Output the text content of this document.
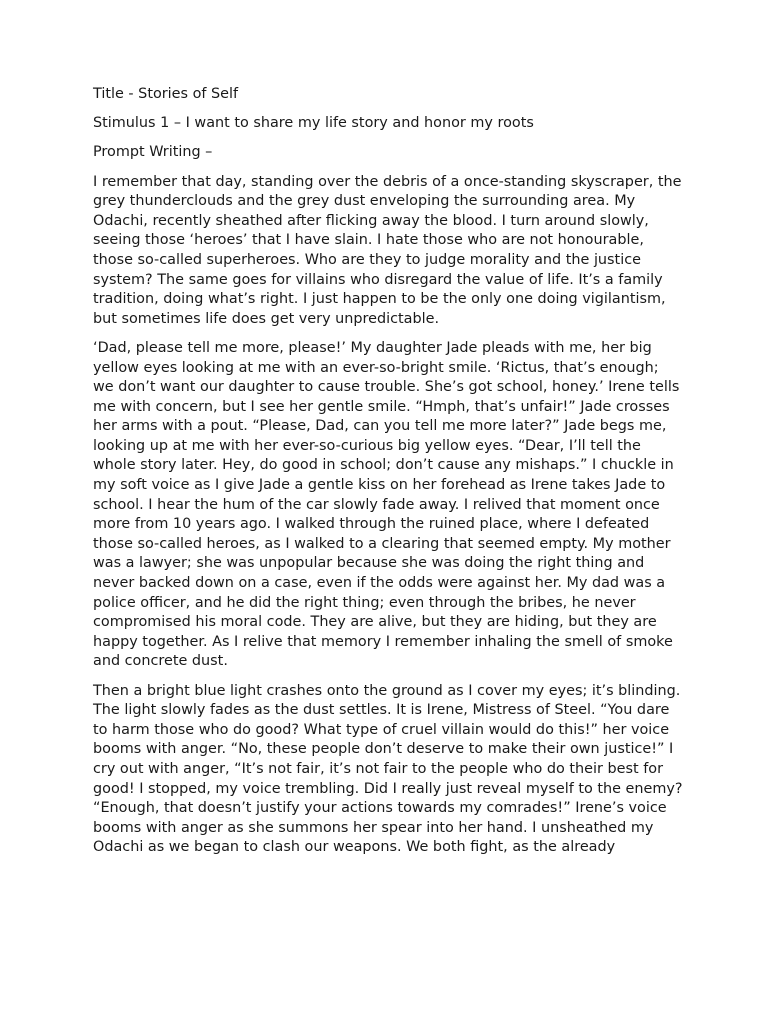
Title - Stories of Self

Stimulus 1 – I want to share my life story and honor my roots

Prompt Writing –

I remember that day, standing over the debris of a once-standing skyscraper, the grey thunderclouds and the grey dust enveloping the surrounding area. My Odachi, recently sheathed after flicking away the blood. I turn around slowly, seeing those ‘heroes’ that I have slain. I hate those who are not honourable, those so-called superheroes. Who are they to judge morality and the justice system? The same goes for villains who disregard the value of life. It’s a family tradition, doing what’s right. I just happen to be the only one doing vigilantism, but sometimes life does get very unpredictable.

‘Dad, please tell me more, please!’ My daughter Jade pleads with me, her big yellow eyes looking at me with an ever-so-bright smile. ‘Rictus, that’s enough; we don’t want our daughter to cause trouble. She’s got school, honey.’ Irene tells me with concern, but I see her gentle smile. “Hmph, that’s unfair!” Jade crosses her arms with a pout. “Please, Dad, can you tell me more later?” Jade begs me, looking up at me with her ever-so-curious big yellow eyes. “Dear, I’ll tell the whole story later. Hey, do good in school; don’t cause any mishaps.” I chuckle in my soft voice as I give Jade a gentle kiss on her forehead as Irene takes Jade to school. I hear the hum of the car slowly fade away. I relived that moment once more from 10 years ago. I walked through the ruined place, where I defeated those so-called heroes, as I walked to a clearing that seemed empty. My mother was a lawyer; she was unpopular because she was doing the right thing and never backed down on a case, even if the odds were against her. My dad was a police officer, and he did the right thing; even through the bribes, he never compromised his moral code. They are alive, but they are hiding, but they are happy together. As I relive that memory I remember inhaling the smell of smoke and concrete dust.

Then a bright blue light crashes onto the ground as I cover my eyes; it’s blinding. The light slowly fades as the dust settles. It is Irene, Mistress of Steel. “You dare to harm those who do good? What type of cruel villain would do this!” her voice booms with anger. “No, these people don’t deserve to make their own justice!” I cry out with anger, “It’s not fair, it’s not fair to the people who do their best for good! I stopped, my voice trembling. Did I really just reveal myself to the enemy? “Enough, that doesn’t justify your actions towards my comrades!” Irene’s voice booms with anger as she summons her spear into her hand. I unsheathed my Odachi as we began to clash our weapons. We both fight, as the already
